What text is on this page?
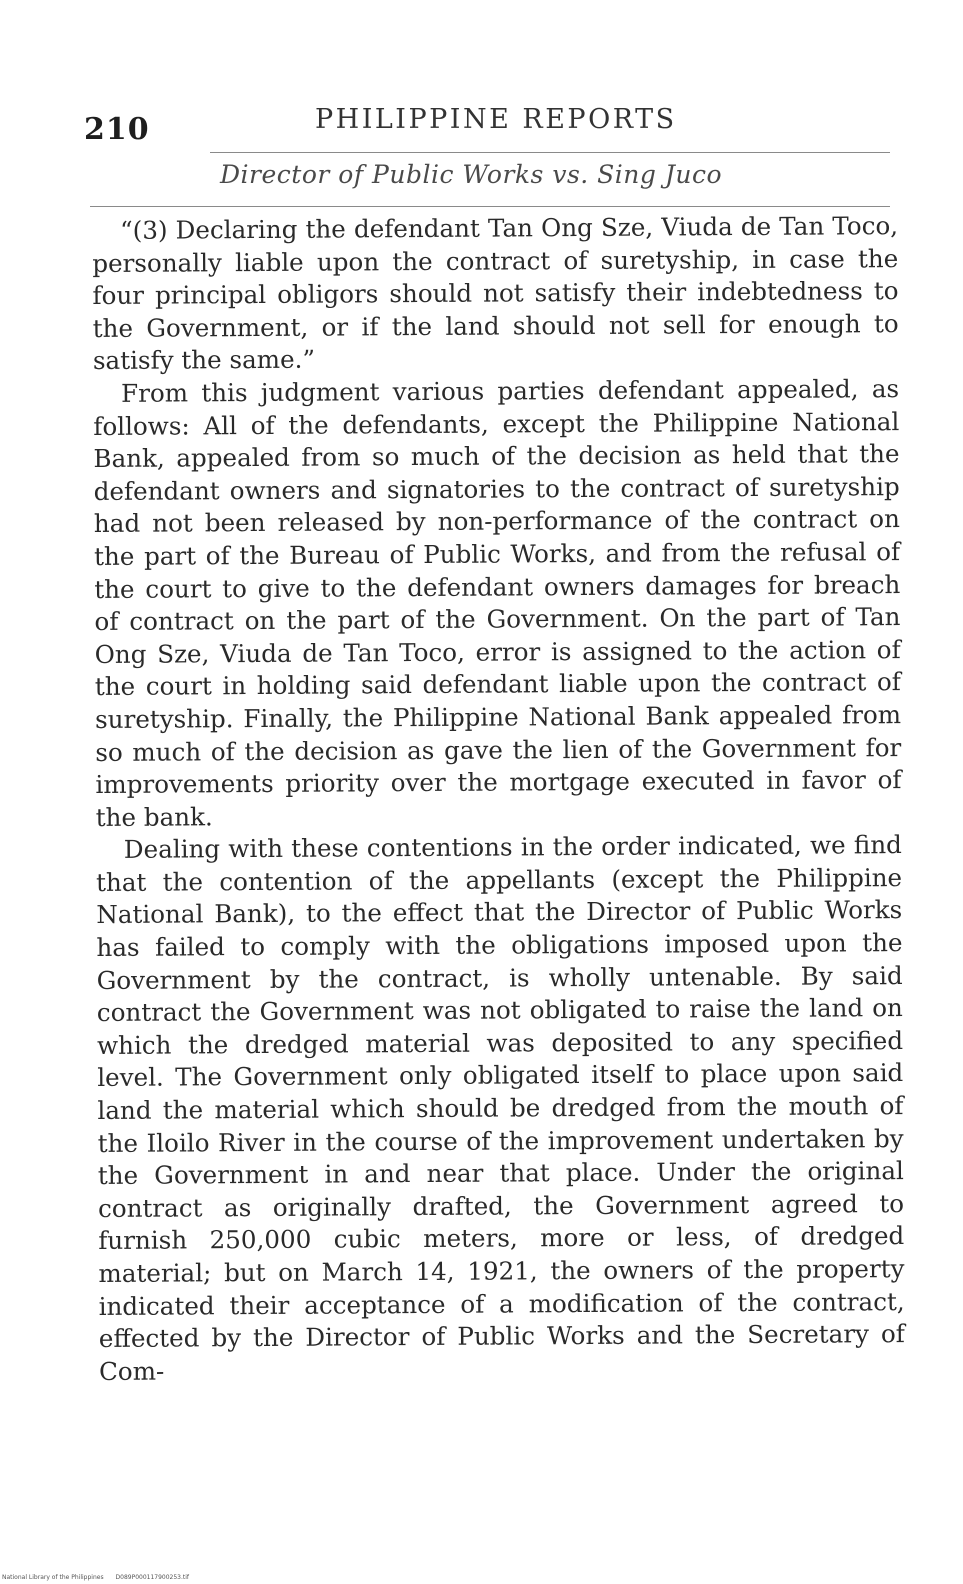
210	PHILIPPINE REPORTS
Director of Public Works vs. Sing Juco

“(3) Declaring the defendant Tan Ong Sze, Viuda de Tan Toco, personally liable upon the contract of suretyship, in case the four principal obligors should not satisfy their indebtedness to the Government, or if the land should not sell for enough to satisfy the same.”

From this judgment various parties defendant appealed, as follows: All of the defendants, except the Philippine National Bank, appealed from so much of the decision as held that the defendant owners and signatories to the contract of suretyship had not been released by non-performance of the contract on the part of the Bureau of Public Works, and from the refusal of the court to give to the defendant owners damages for breach of contract on the part of the Government. On the part of Tan Ong Sze, Viuda de Tan Toco, error is assigned to the action of the court in holding said defendant liable upon the contract of suretyship. Finally, the Philippine National Bank appealed from so much of the decision as gave the lien of the Government for improvements priority over the mortgage executed in favor of the bank.

Dealing with these contentions in the order indicated, we find that the contention of the appellants (except the Philippine National Bank), to the effect that the Director of Public Works has failed to comply with the obligations imposed upon the Government by the contract, is wholly untenable. By said contract the Government was not obligated to raise the land on which the dredged material was deposited to any specified level. The Government only obligated itself to place upon said land the material which should be dredged from the mouth of the Iloilo River in the course of the improvement undertaken by the Government in and near that place. Under the original contract as originally drafted, the Government agreed to furnish 250,000 cubic meters, more or less, of dredged material; but on March 14, 1921, the owners of the property indicated their acceptance of a modification of the contract, effected by the Director of Public Works and the Secretary of Com-

National Library of the Philippines D089P000117900253.tif
